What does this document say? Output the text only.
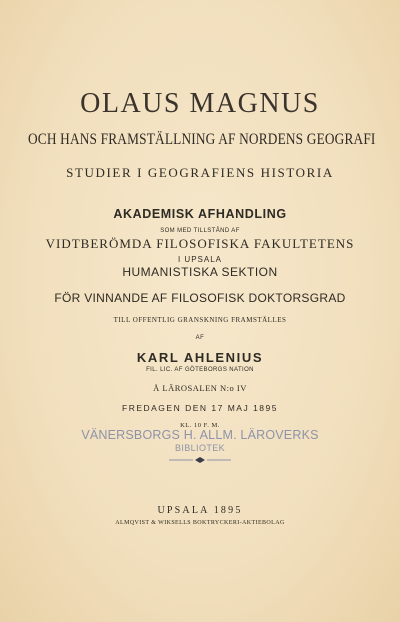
OLAUS MAGNUS
OCH HANS FRAMSTÄLLNING AF NORDENS GEOGRAFI
STUDIER I GEOGRAFIENS HISTORIA
AKADEMISK AFHANDLING
SOM MED TILLSTÅND AF
VIDTBERÖMDA FILOSOFISKA FAKULTETENS
I UPSALA
HUMANISTISKA SEKTION
FÖR VINNANDE AF FILOSOFISK DOKTORSGRAD
TILL OFFENTLIG GRANSKNING FRAMSTÄLLES
AF
KARL AHLENIUS
FIL. LIC. AF GÖTEBORGS NATION
Å LÄROSALEN N:o IV
FREDAGEN DEN 17 MAJ 1895
KL. 10 F. M.
VÄNERSBORGS H. ALLM. LÄROVERKS
BIBLIOTEK
UPSALA 1895
ALMQVIST & WIKSELLS BOKTRYCKERI-AKTIEBOLAG
